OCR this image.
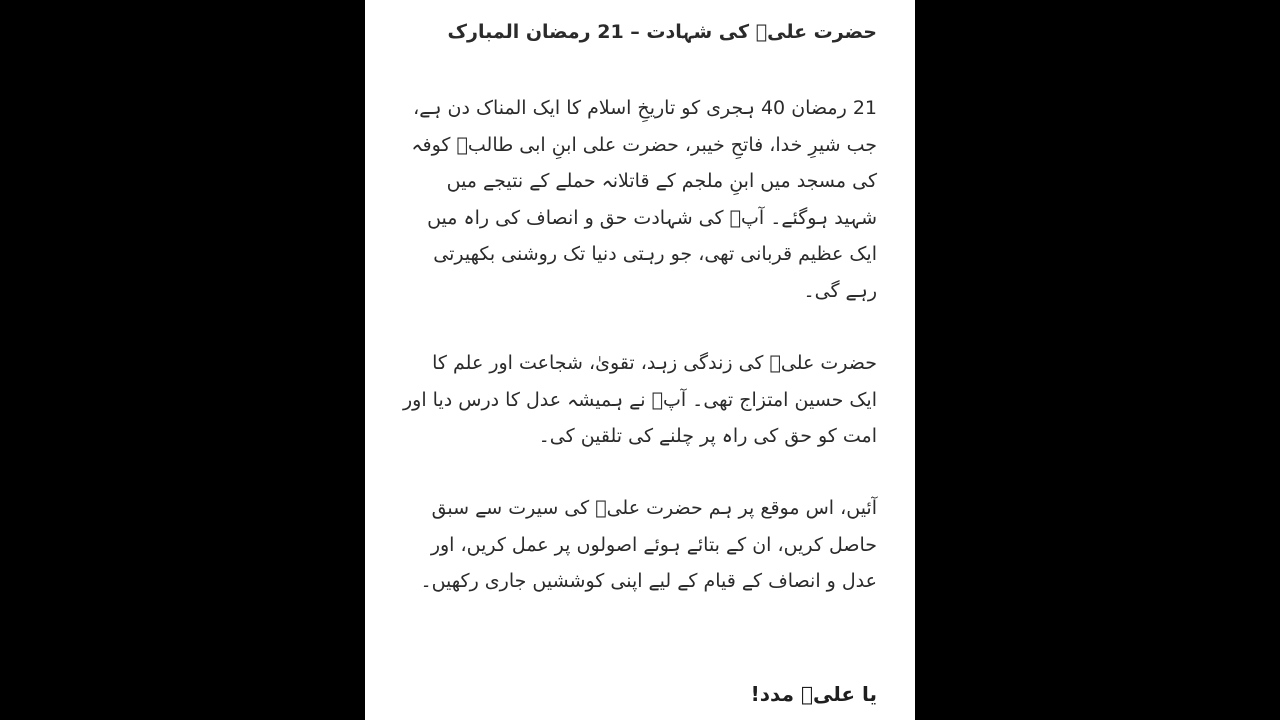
حضرت علیؑ کی شہادت – 21 رمضان المبارک

21 رمضان 40 ہجری کو تاریخِ اسلام کا ایک المناک دن ہے، جب شیرِ خدا، فاتحِ خیبر، حضرت علی ابنِ ابی طالبؑ کوفہ کی مسجد میں ابنِ ملجم کے قاتلانہ حملے کے نتیجے میں شہید ہوگئے۔ آپؑ کی شہادت حق و انصاف کی راہ میں ایک عظیم قربانی تھی، جو رہتی دنیا تک روشنی بکھیرتی رہے گی۔

حضرت علیؑ کی زندگی زہد، تقویٰ، شجاعت اور علم کا ایک حسین امتزاج تھی۔ آپؑ نے ہمیشہ عدل کا درس دیا اور امت کو حق کی راہ پر چلنے کی تلقین کی۔

آئیں، اس موقع پر ہم حضرت علیؑ کی سیرت سے سبق حاصل کریں، ان کے بتائے ہوئے اصولوں پر عمل کریں، اور عدل و انصاف کے قیام کے لیے اپنی کوششیں جاری رکھیں۔

یا علیؑ مدد!
